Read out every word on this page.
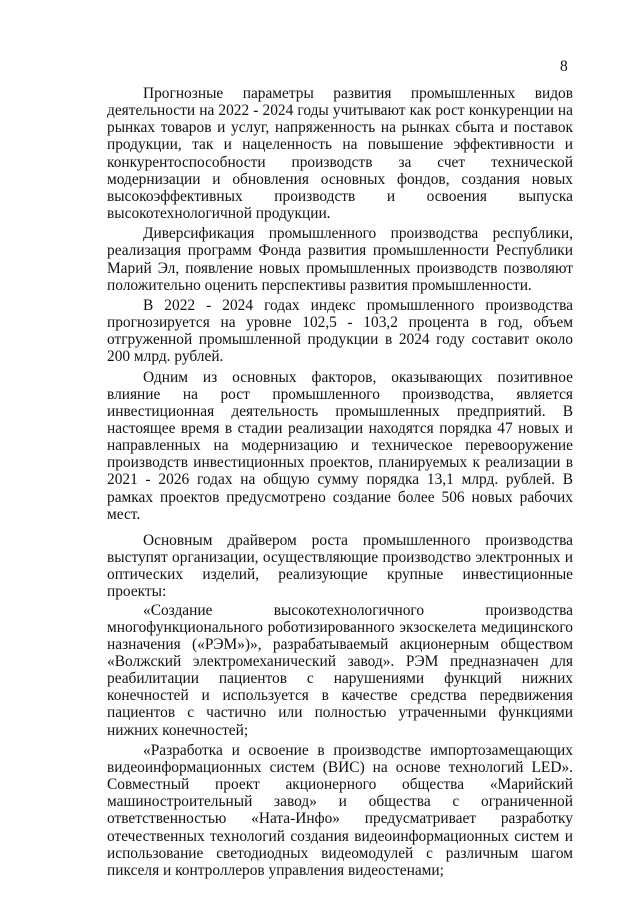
8

Прогнозные параметры развития промышленных видов деятельности на 2022 - 2024 годы учитывают как рост конкуренции на рынках товаров и услуг, напряженность на рынках сбыта и поставок продукции, так и нацеленность на повышение эффективности и конкурентоспособности производств за счет технической модернизации и обновления основных фондов, создания новых высокоэффективных производств и освоения выпуска высокотехнологичной продукции.

Диверсификация промышленного производства республики, реализация программ Фонда развития промышленности Республики Марий Эл, появление новых промышленных производств позволяют положительно оценить перспективы развития промышленности.

В 2022 - 2024 годах индекс промышленного производства прогнозируется на уровне 102,5 - 103,2 процента в год, объем отгруженной промышленной продукции в 2024 году составит около 200 млрд. рублей.

Одним из основных факторов, оказывающих позитивное влияние на рост промышленного производства, является инвестиционная деятельность промышленных предприятий. В настоящее время в стадии реализации находятся порядка 47 новых и направленных на модернизацию и техническое перевооружение производств инвестиционных проектов, планируемых к реализации в 2021 - 2026 годах на общую сумму порядка 13,1 млрд. рублей. В рамках проектов предусмотрено создание более 506 новых рабочих мест.

Основным драйвером роста промышленного производства выступят организации, осуществляющие производство электронных и оптических изделий, реализующие крупные инвестиционные проекты:

«Создание высокотехнологичного производства многофункционального роботизированного экзоскелета медицинского назначения («РЭМ»)», разрабатываемый акционерным обществом «Волжский электромеханический завод». РЭМ предназначен для реабилитации пациентов с нарушениями функций нижних конечностей и используется в качестве средства передвижения пациентов с частично или полностью утраченными функциями нижних конечностей;

«Разработка и освоение в производстве импортозамещающих видеоинформационных систем (ВИС) на основе технологий LED». Совместный проект акционерного общества «Марийский машиностроительный завод» и общества с ограниченной ответственностью «Ната-Инфо» предусматривает разработку отечественных технологий создания видеоинформационных систем и использование светодиодных видеомодулей с различным шагом пикселя и контроллеров управления видеостенами;
